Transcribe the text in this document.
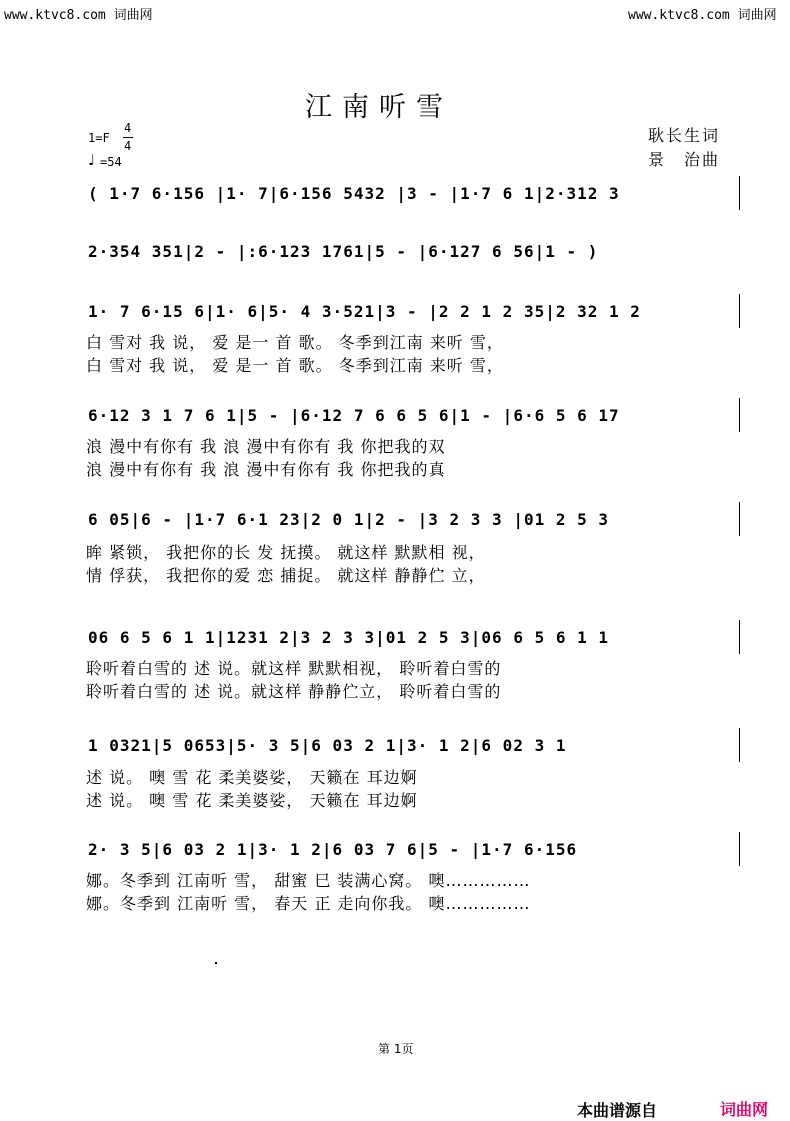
www.ktvc8.com 词曲网	www.ktvc8.com 词曲网
江南听雪
耿长生词
景　治曲
1=F
4
4
♩ =54
( 1·7 6·156 |1· 7|6·156 5432 |3 - |1·7 6 1|2·312 3
2·354 351|2 - |:6·123 1761|5 - |6·127 6 56|1 - )
1· 7 6·15 6|1· 6|5· 4 3·521|3 - |2 2 1 2 35|2 32 1 2
白 雪对 我 说， 爱 是一 首 歌。 冬季到江南 来听 雪，
白 雪对 我 说， 爱 是一 首 歌。 冬季到江南 来听 雪，
6·12 3 1 7 6 1|5 - |6·12 7 6 6 5 6|1 - |6·6 5 6 17
浪 漫中有你有 我 浪 漫中有你有 我 你把我的双
浪 漫中有你有 我 浪 漫中有你有 我 你把我的真
6 05|6 - |1·7 6·1 23|2 0 1|2 - |3 2 3 3 |01 2 5 3
眸 紧锁， 我把你的长 发 抚摸。 就这样 默默相 视，
情 俘获， 我把你的爱 恋 捕捉。 就这样 静静伫 立，
06 6 5 6 1 1|1231 2|3 2 3 3|01 2 5 3|06 6 5 6 1 1
聆听着白雪的 述 说。就这样 默默相视， 聆听着白雪的
聆听着白雪的 述 说。就这样 静静伫立， 聆听着白雪的
1 0321|5 0653|5· 3 5|6 03 2 1|3· 1 2|6 02 3 1
述 说。 噢 雪 花 柔美婆娑， 天籁在 耳边婀
述 说。 噢 雪 花 柔美婆娑， 天籁在 耳边婀
2· 3 5|6 03 2 1|3· 1 2|6 03 7 6|5 - |1·7 6·156
娜。冬季到 江南听 雪， 甜蜜 巳 装满心窝。 噢……………
娜。冬季到 江南听 雪， 春天 正 走向你我。 噢……………
第 1页
本曲谱源自	词曲网
